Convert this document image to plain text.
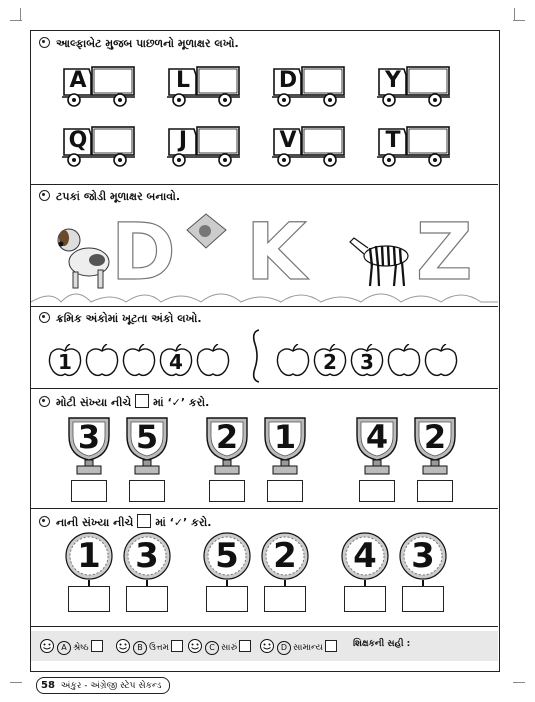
આલ્ફાબેટ મુજબ પાછળનો મૂળાક્ષર લખો.
A	L	D	Y
Q	J	V	T
ટપકાં જોડી મૂળાક્ષર બનાવો.
D K Z
ક્રમિક અંકોમાં ખૂટતા અંકો લખો.
1	4	2	3
મોટી સંખ્યા નીચે માં ‘✓’ કરો.
3	5	2	1	4	2
નાની સંખ્યા નીચે માં ‘✓’ કરો.
1	3	5	2	4	3
A શ્રેષ્ઠ	B ઉત્તમ	C સારું	D સામાન્ય	શિક્ષકની સહી :
58 અંકુર - અંગ્રેજી સ્ટેપ સેકન્ડ
